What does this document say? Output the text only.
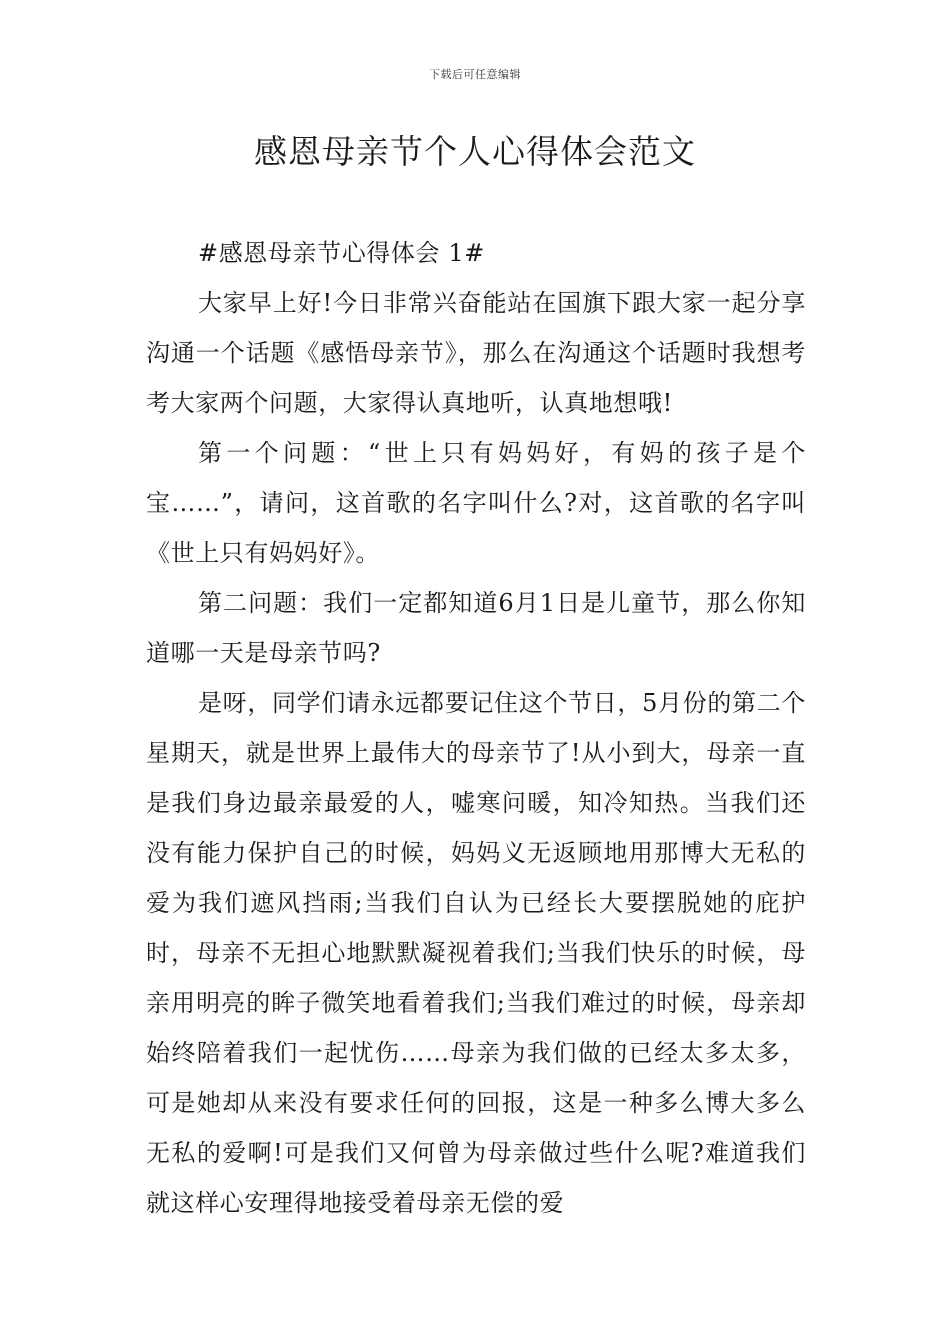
下载后可任意编辑
感恩母亲节个人心得体会范文

#感恩母亲节心得体会 1#

大家早上好!今日非常兴奋能站在国旗下跟大家一起分享沟通一个话题《感悟母亲节》，那么在沟通这个话题时我想考考大家两个问题，大家得认真地听，认真地想哦!

第一个问题：“世上只有妈妈好，有妈的孩子是个宝……”，请问，这首歌的名字叫什么?对，这首歌的名字叫《世上只有妈妈好》。

第二问题：我们一定都知道6月1日是儿童节，那么你知道哪一天是母亲节吗?

是呀，同学们请永远都要记住这个节日，5月份的第二个星期天，就是世界上最伟大的母亲节了!从小到大，母亲一直是我们身边最亲最爱的人，嘘寒问暖，知冷知热。当我们还没有能力保护自己的时候，妈妈义无返顾地用那博大无私的爱为我们遮风挡雨;当我们自认为已经长大要摆脱她的庇护时，母亲不无担心地默默凝视着我们;当我们快乐的时候，母亲用明亮的眸子微笑地看着我们;当我们难过的时候，母亲却始终陪着我们一起忧伤……母亲为我们做的已经太多太多，可是她却从来没有要求任何的回报，这是一种多么博大多么无私的爱啊!可是我们又何曾为母亲做过些什么呢?难道我们就这样心安理得地接受着母亲无偿的爱
